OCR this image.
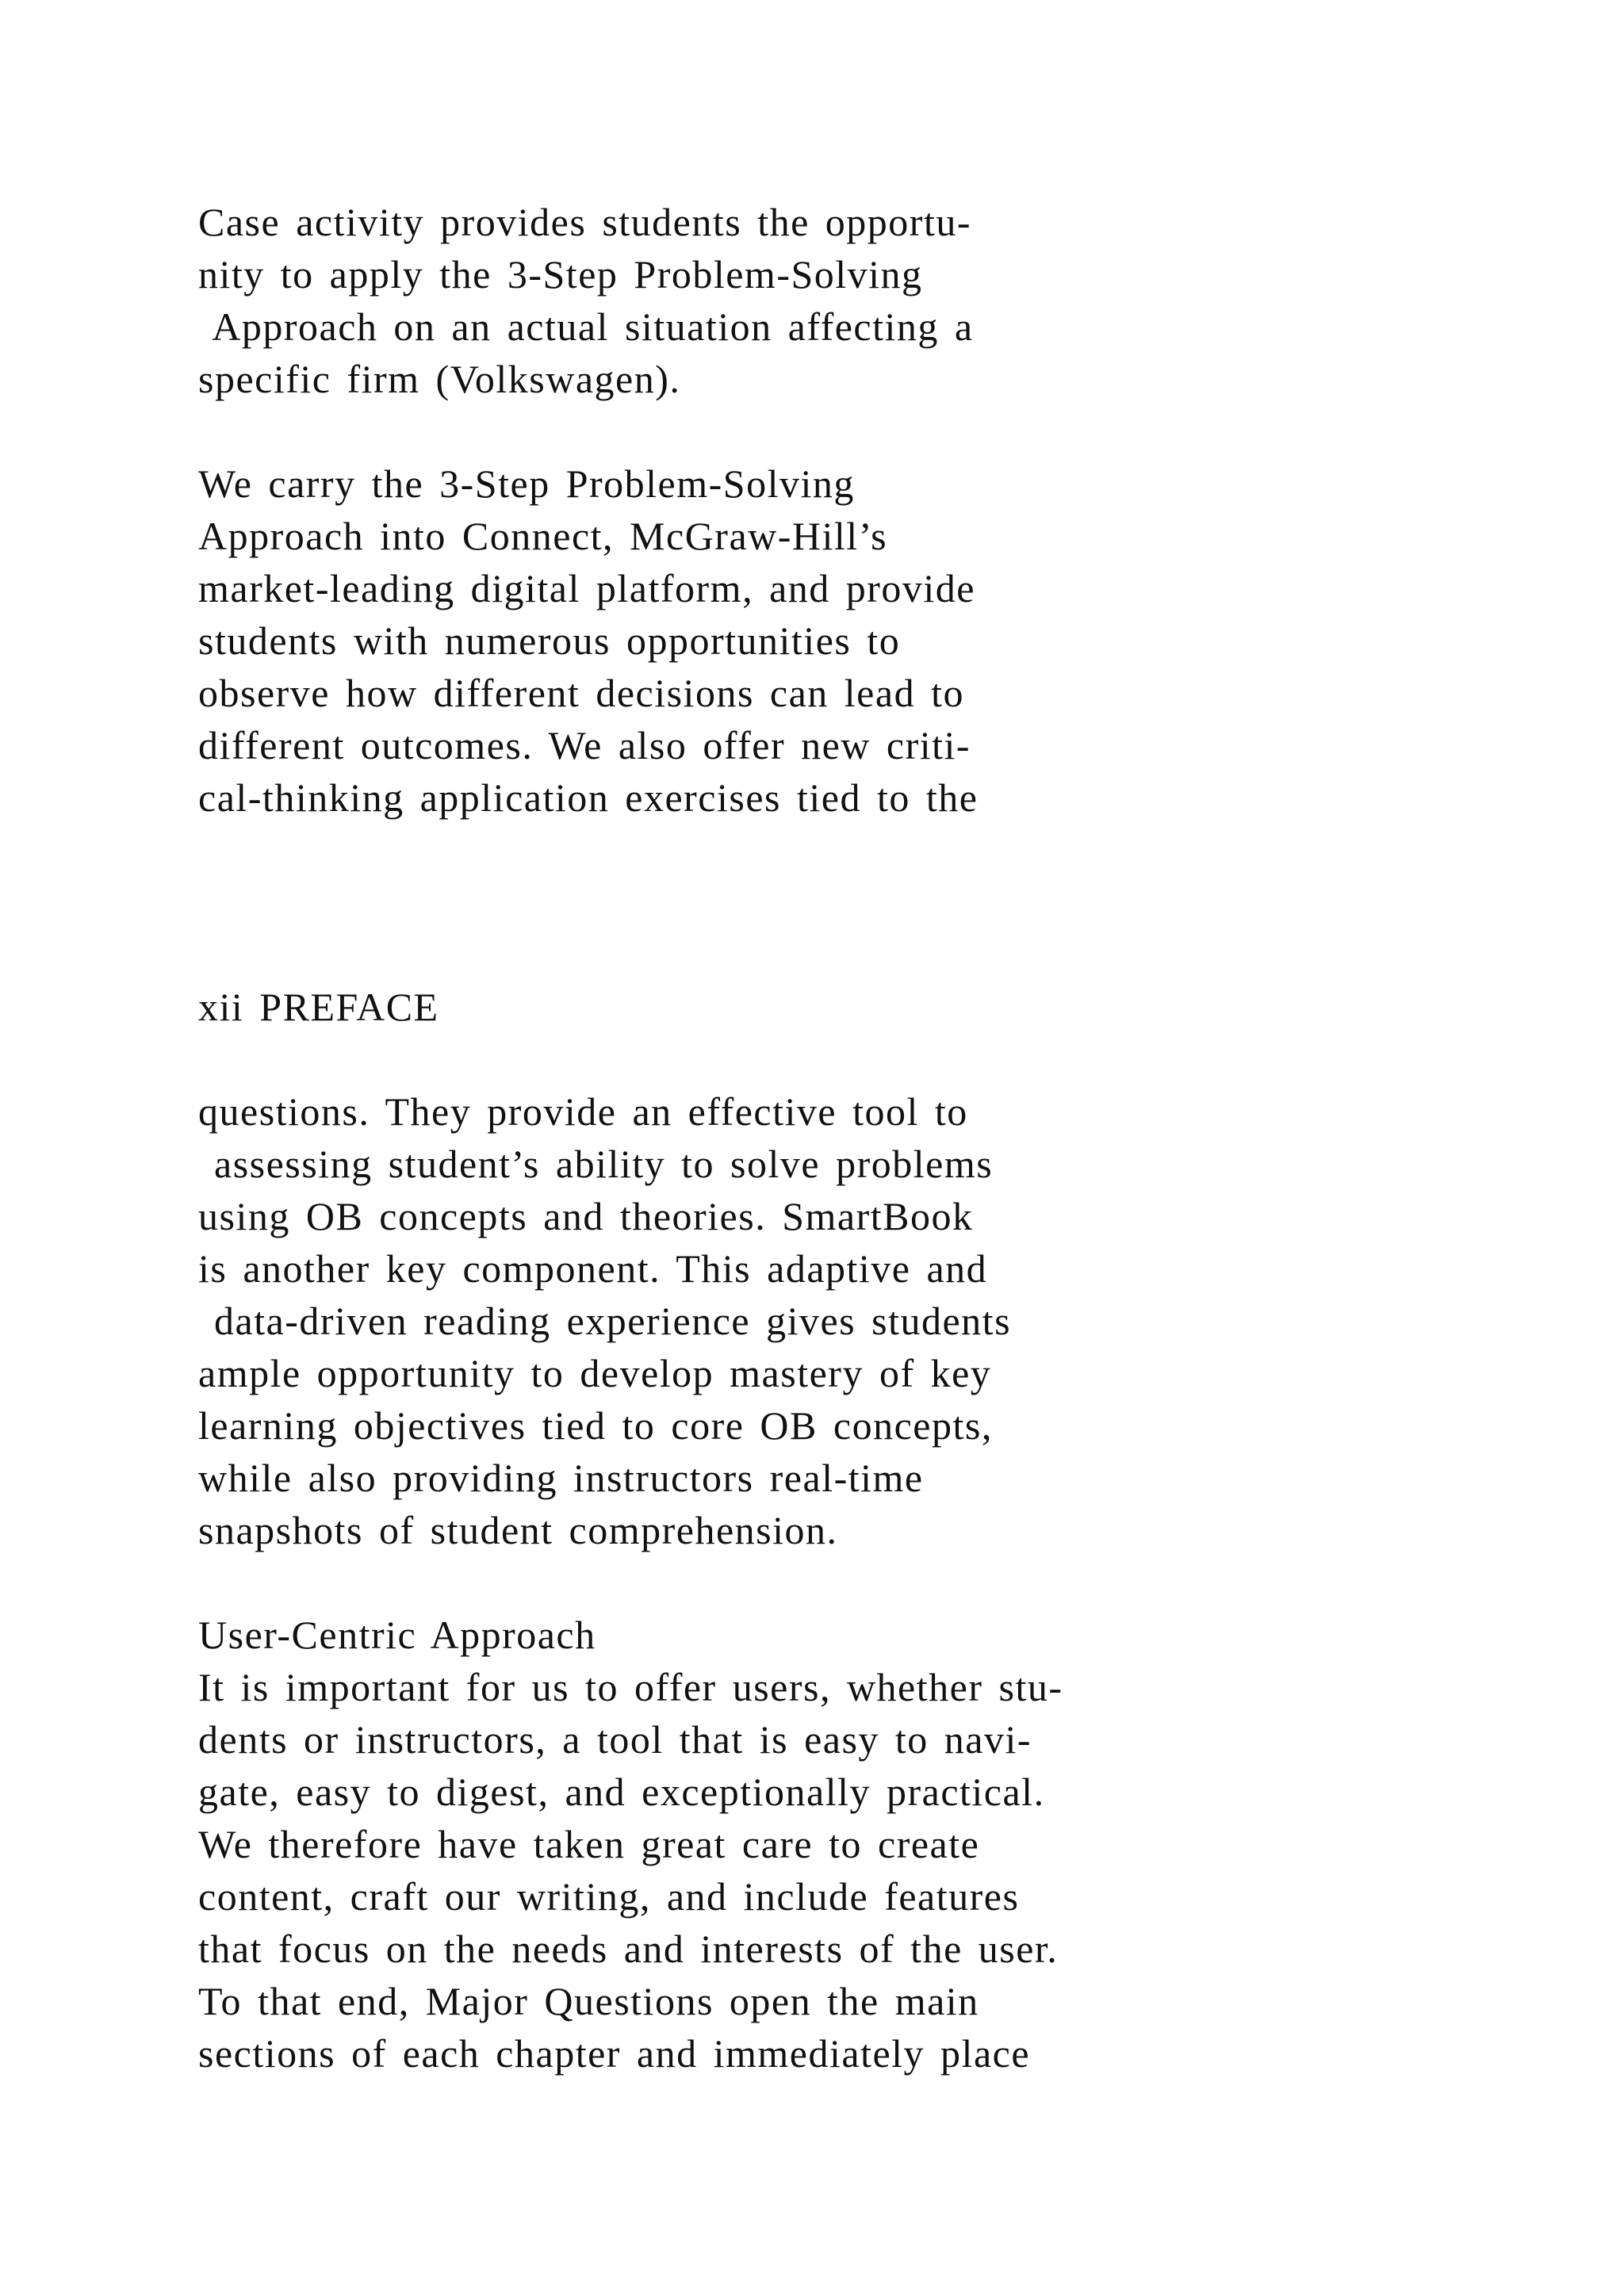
Case activity provides students the opportu-
nity to apply the 3-Step Problem-Solving
Approach on an actual situation affecting a
specific firm (Volkswagen).
We carry the 3-Step Problem-Solving
Approach into Connect, McGraw-Hill’s
market-leading digital platform, and provide
students with numerous opportunities to
observe how different decisions can lead to
different outcomes. We also offer new criti-
cal-thinking application exercises tied to the
xii PREFACE
questions. They provide an effective tool to
assessing student’s ability to solve problems
using OB concepts and theories. SmartBook
is another key component. This adaptive and
data-driven reading experience gives students
ample opportunity to develop mastery of key
learning objectives tied to core OB concepts,
while also providing instructors real-time
snapshots of student comprehension.
User-Centric Approach
It is important for us to offer users, whether stu-
dents or instructors, a tool that is easy to navi-
gate, easy to digest, and exceptionally practical.
We therefore have taken great care to create
content, craft our writing, and include features
that focus on the needs and interests of the user.
To that end, Major Questions open the main
sections of each chapter and immediately place
